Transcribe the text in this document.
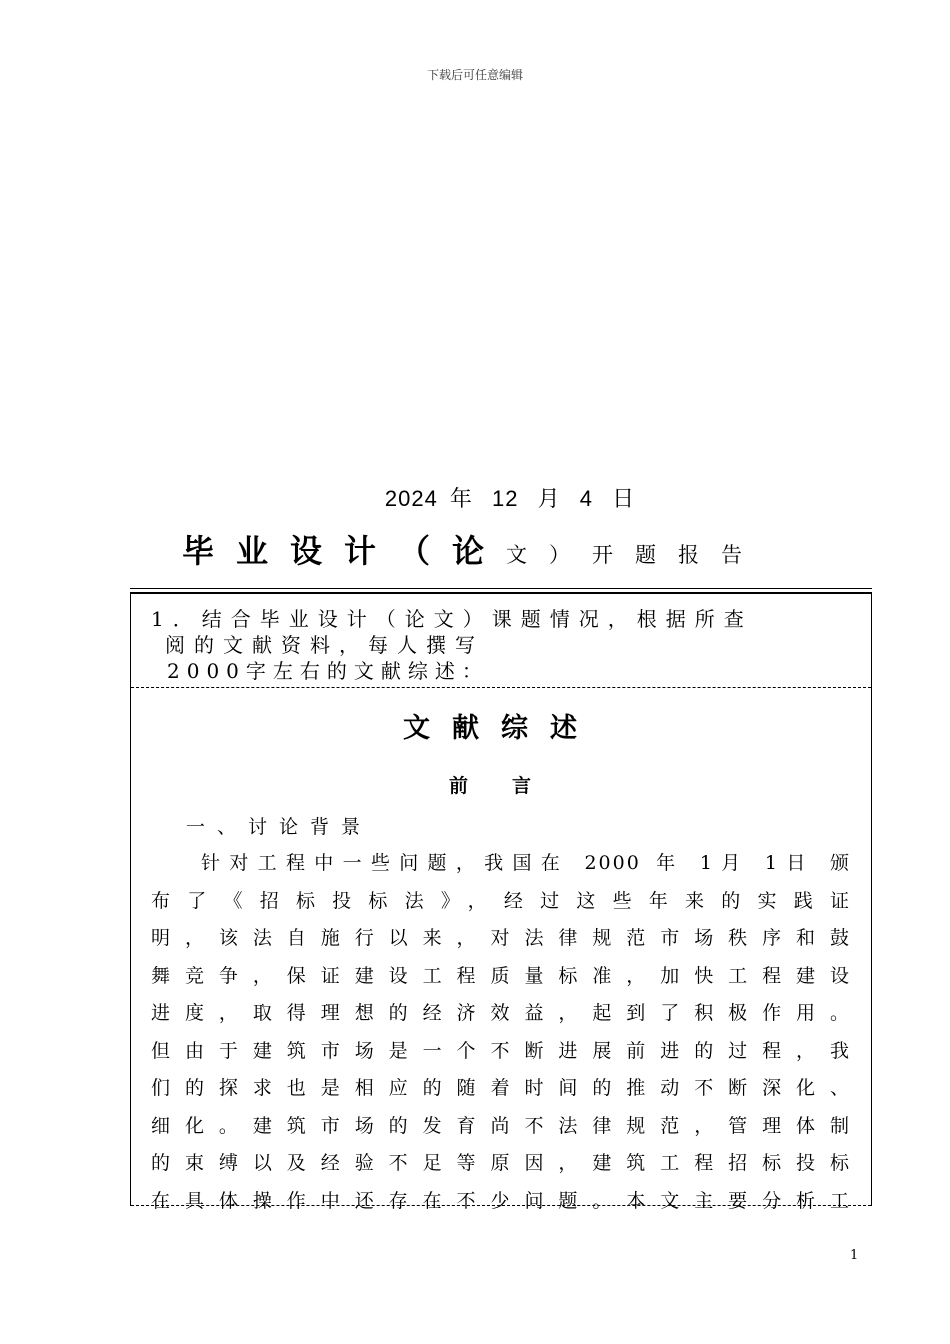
下载后可任意编辑
2024 年 12 月 4 日
毕业设计（论文）开题报告
1．结合毕业设计（论文）课题情况，根据所查
阅的文献资料，每人撰写
2000字左右的文献综述：
文献综述
前言
一、讨论背景
针对工程中一些问题，我国在 2000 年 1月 1日 颁
布了《招标投标法》，经过这些年来的实践证
明，该法自施行以来，对法律规范市场秩序和鼓
舞竞争，保证建设工程质量标准，加快工程建设
进度，取得理想的经济效益，起到了积极作用。
但由于建筑市场是一个不断进展前进的过程，我
们的探求也是相应的随着时间的推动不断深化、
细化。建筑市场的发育尚不法律规范，管理体制
的束缚以及经验不足等原因，建筑工程招标投标
在具体操作中还存在不少问题。本文主要分析工
1
